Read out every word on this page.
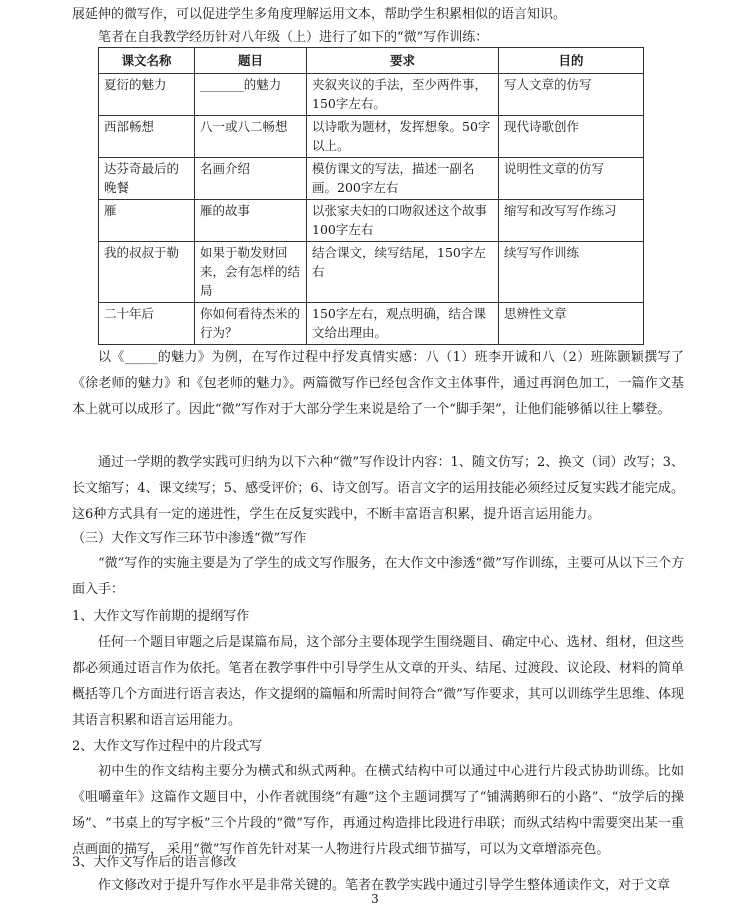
展延伸的微写作，可以促进学生多角度理解运用文本，帮助学生积累相似的语言知识。

笔者在自我教学经历针对八年级（上）进行了如下的“微”写作训练：

课文名称	题目	要求	目的
夏衍的魅力	_______的魅力	夹叙夹议的手法，至少两件事，150字左右。	写人文章的仿写
西部畅想	八一或八二畅想	以诗歌为题材，发挥想象。50字以上。	现代诗歌创作
达芬奇最后的晚餐	名画介绍	模仿课文的写法，描述一副名画。200字左右	说明性文章的仿写
雁	雁的故事	以张家夫妇的口吻叙述这个故事100字左右	缩写和改写写作练习
我的叔叔于勒	如果于勒发财回来，会有怎样的结局	结合课文，续写结尾，150字左右	续写写作训练
二十年后	你如何看待杰米的行为？	150字左右，观点明确，结合课文给出理由。	思辨性文章

以《_____的魅力》为例，在写作过程中抒发真情实感：八（1）班李开诚和八（2）班陈颢颖撰写了《徐老师的魅力》和《包老师的魅力》。两篇微写作已经包含作文主体事件，通过再润色加工，一篇作文基本上就可以成形了。因此“微”写作对于大部分学生来说是给了一个“脚手架”，让他们能够循以往上攀登。

通过一学期的教学实践可归纳为以下六种“微”写作设计内容：1、随文仿写；2、换文（词）改写；3、长文缩写；4、课文续写；5、感受评价；6、诗文创写。语言文字的运用技能必须经过反复实践才能完成。这6种方式具有一定的递进性，学生在反复实践中，不断丰富语言积累，提升语言运用能力。

（三）大作文写作三环节中渗透“微”写作

“微”写作的实施主要是为了学生的成文写作服务，在大作文中渗透“微”写作训练，主要可从以下三个方面入手：

1、大作文写作前期的提纲写作

任何一个题目审题之后是谋篇布局，这个部分主要体现学生围绕题目、确定中心、选材、组材，但这些都必须通过语言作为依托。笔者在教学事件中引导学生从文章的开头、结尾、过渡段、议论段、材料的简单概括等几个方面进行语言表达，作文提纲的篇幅和所需时间符合“微”写作要求，其可以训练学生思维、体现其语言积累和语言运用能力。

2、大作文写作过程中的片段式写

初中生的作文结构主要分为横式和纵式两种。在横式结构中可以通过中心进行片段式协助训练。比如《咀嚼童年》这篇作文题目中，小作者就围绕“有趣”这个主题词撰写了“铺满鹅卵石的小路”、“放学后的操场”、“书桌上的写字板”三个片段的“微”写作，再通过构造排比段进行串联；而纵式结构中需要突出某一重点画面的描写， 采用“微”写作首先针对某一人物进行片段式细节描写，可以为文章增添亮色。

3、大作文写作后的语言修改

作文修改对于提升写作水平是非常关键的。笔者在教学实践中通过引导学生整体通读作文，对于文章

3
